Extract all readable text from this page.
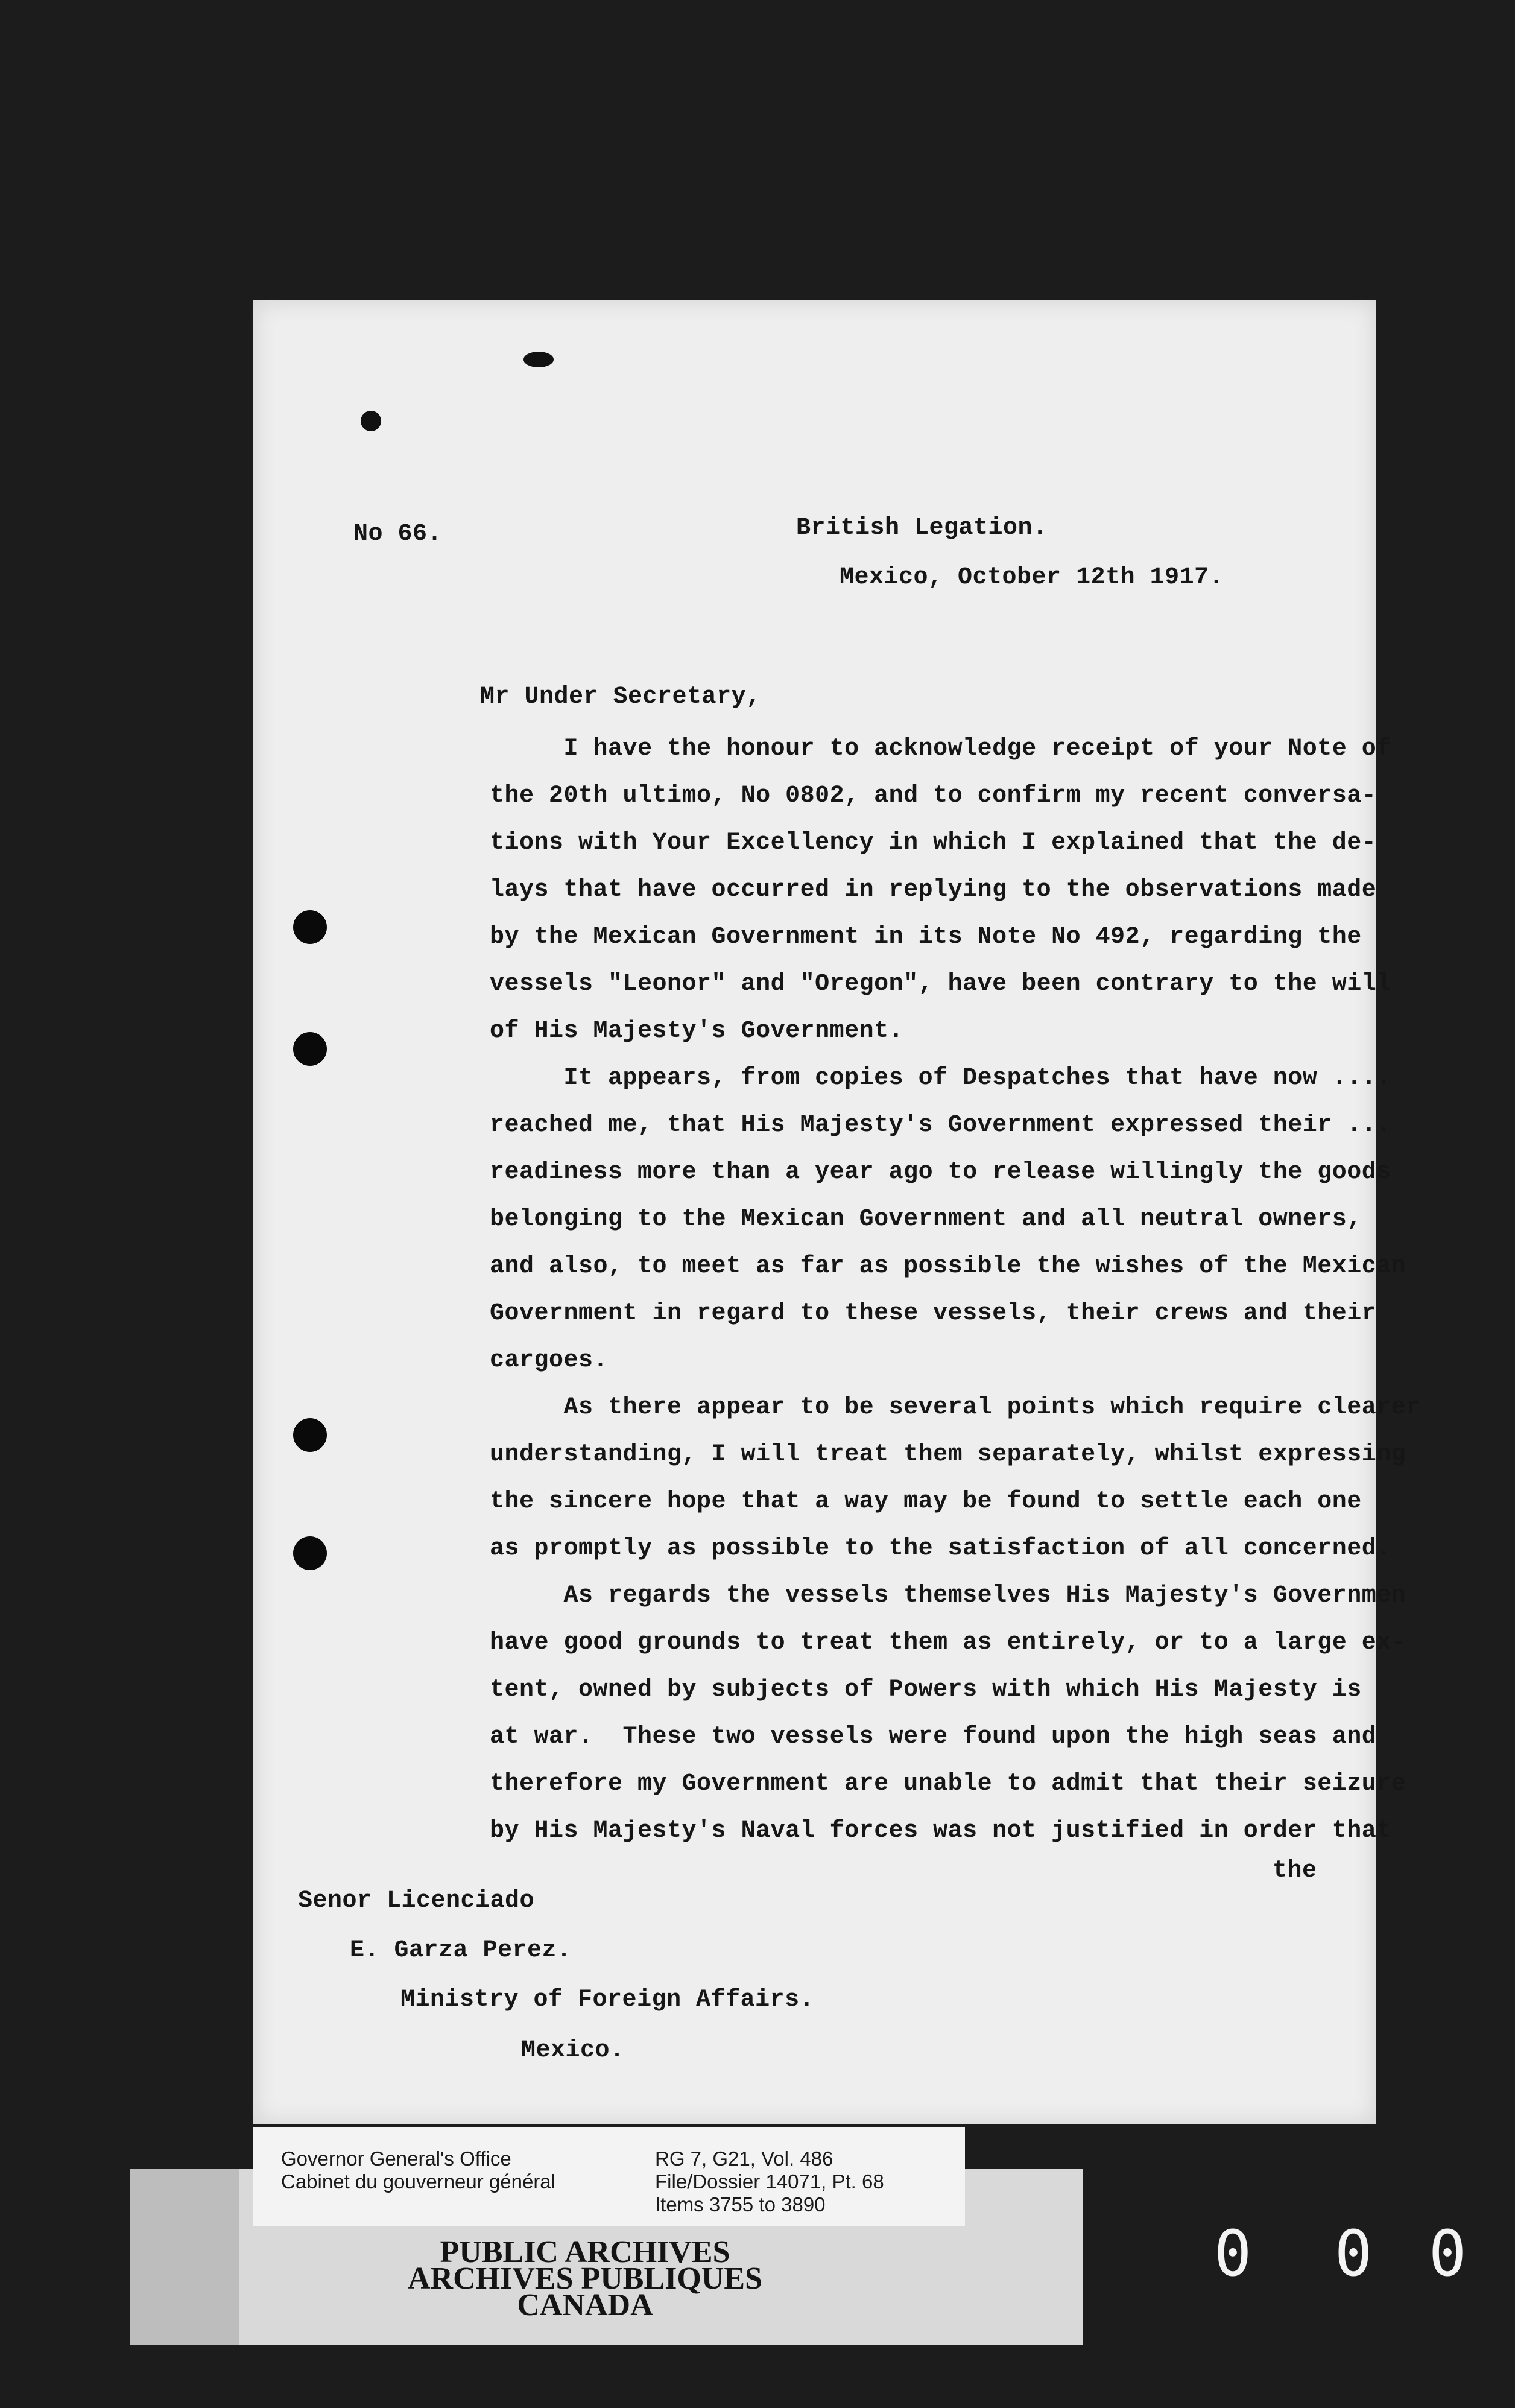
No 66.	British Legation.
Mexico, October 12th 1917.
Mr Under Secretary,

I have the honour to acknowledge receipt of your Note of

the 20th ultimo, No 0802, and to confirm my recent conversa-

tions with Your Excellency in which I explained that the de-

lays that have occurred in replying to the observations made

by the Mexican Government in its Note No 492, regarding the

vessels "Leonor" and "Oregon", have been contrary to the will

of His Majesty's Government.

It appears, from copies of Despatches that have now ....

reached me, that His Majesty's Government expressed their ...

readiness more than a year ago to release willingly the goods

belonging to the Mexican Government and all neutral owners,

and also, to meet as far as possible the wishes of the Mexican

Government in regard to these vessels, their crews and their

cargoes.

As there appear to be several points which require clearer

understanding, I will treat them separately, whilst expressing

the sincere hope that a way may be found to settle each one

as promptly as possible to the satisfaction of all concerned.

As regards the vessels themselves His Majesty's Governmen

have good grounds to treat them as entirely, or to a large ex-

tent, owned by subjects of Powers with which His Majesty is

at war.  These two vessels were found upon the high seas and

therefore my Government are unable to admit that their seizure

by His Majesty's Naval forces was not justified in order that

the
Senor Licenciado
E. Garza Perez.
Ministry of Foreign Affairs.
Mexico.
Governor General's Office
Cabinet du gouverneur général
RG 7, G21, Vol. 486
File/Dossier 14071, Pt. 68
Items 3755 to 3890
PUBLIC ARCHIVES
ARCHIVES PUBLIQUES
CANADA
0 0 0
